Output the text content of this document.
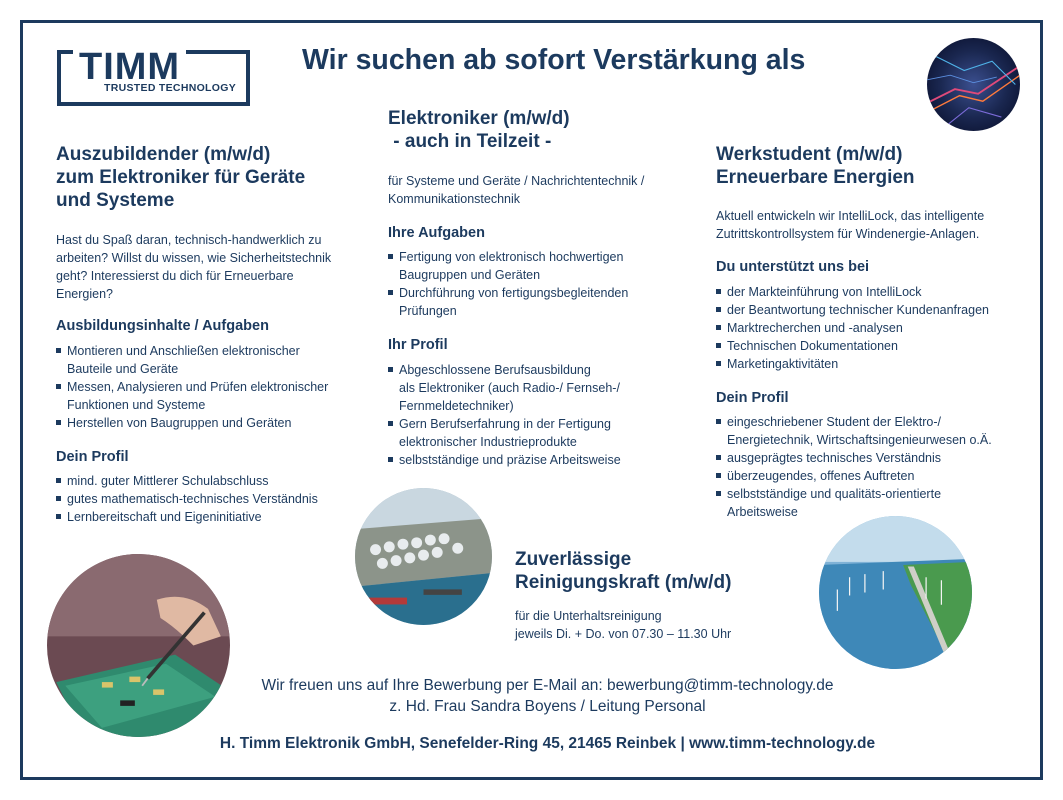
TIMM
TRUSTED TECHNOLOGY
Wir suchen ab sofort Verstärkung als
Auszubildender (m/w/d)
zum Elektroniker für Geräte
und Systeme
Hast du Spaß daran, technisch-handwerklich zu
arbeiten? Willst du wissen, wie Sicherheitstechnik
geht? Interessierst du dich für Erneuerbare
Energien?
Ausbildungsinhalte / Aufgaben
Montieren und Anschließen elektronischer
Bauteile und Geräte
Messen, Analysieren und Prüfen elektronischer
Funktionen und Systeme
Herstellen von Baugruppen und Geräten
Dein Profil
mind. guter Mittlerer Schulabschluss
gutes mathematisch-technisches Verständnis
Lernbereitschaft und Eigeninitiative
Elektroniker (m/w/d)
- auch in Teilzeit -
für Systeme und Geräte / Nachrichtentechnik /
Kommunikationstechnik
Ihre Aufgaben
Fertigung von elektronisch hochwertigen
Baugruppen und Geräten
Durchführung von fertigungsbegleitenden
Prüfungen
Ihr Profil
Abgeschlossene Berufsausbildung
als Elektroniker (auch Radio-/ Fernseh-/
Fernmeldetechniker)
Gern Berufserfahrung in der Fertigung
elektronischer Industrieprodukte
selbstständige und präzise Arbeitsweise
Werkstudent (m/w/d)
Erneuerbare Energien
Aktuell entwickeln wir IntelliLock, das intelligente
Zutrittskontrollsystem für Windenergie-Anlagen.
Du unterstützt uns bei
der Markteinführung von IntelliLock
der Beantwortung technischer Kundenanfragen
Marktrecherchen und -analysen
Technischen Dokumentationen
Marketingaktivitäten
Dein Profil
eingeschriebener Student der Elektro-/
Energietechnik, Wirtschaftsingenieurwesen o.Ä.
ausgeprägtes technisches Verständnis
überzeugendes, offenes Auftreten
selbstständige und qualitäts-orientierte
Arbeitsweise
Zuverlässige
Reinigungskraft (m/w/d)
für die Unterhaltsreinigung
jeweils Di. + Do. von 07.30 – 11.30 Uhr
Wir freuen uns auf Ihre Bewerbung per E-Mail an: bewerbung@timm-technology.de
z. Hd. Frau Sandra Boyens / Leitung Personal
H. Timm Elektronik GmbH, Senefelder-Ring 45, 21465 Reinbek | www.timm-technology.de
